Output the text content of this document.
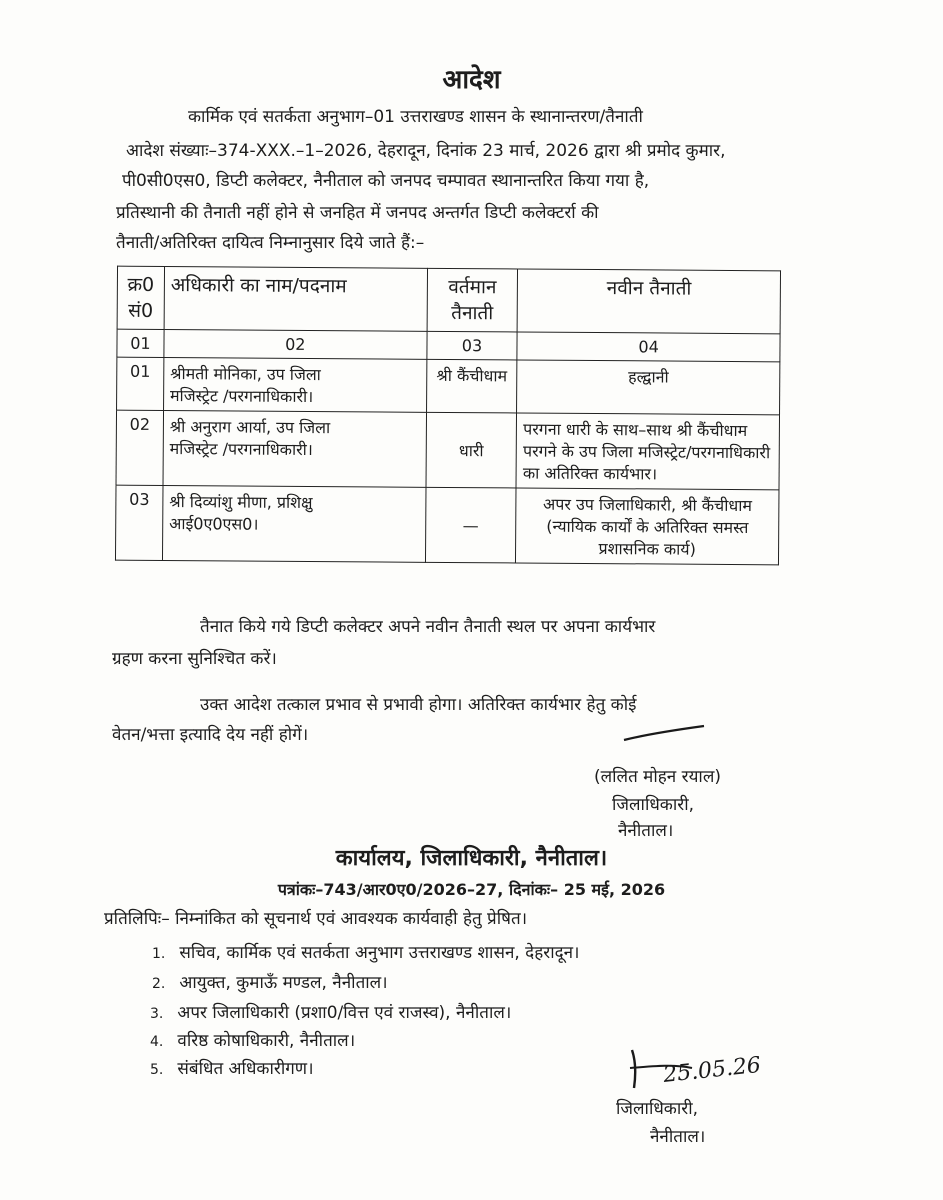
आदेश
कार्मिक एवं सतर्कता अनुभाग–01 उत्तराखण्ड शासन के स्थानान्तरण/तैनाती
आदेश संख्याः–374-XXX.–1–2026, देहरादून, दिनांक 23 मार्च, 2026 द्वारा श्री प्रमोद कुमार,
पी0सी0एस0, डिप्टी कलेक्टर, नैनीताल को जनपद चम्पावत स्थानान्तरित किया गया है,
प्रतिस्थानी की तैनाती नहीं होने से जनहित में जनपद अन्तर्गत डिप्टी कलेक्टर्रा की
तैनाती/अतिरिक्त दायित्व निम्नानुसार दिये जाते हैं:–
क्र0 सं0	अधिकारी का नाम/पदनाम	वर्तमान तैनाती	नवीन तैनाती
01	02	03	04
01	श्रीमती मोनिका, उप जिला
मजिस्ट्रेट /परगनाधिकारी।	श्री कैंचीधाम	हल्द्वानी
02	श्री अनुराग आर्या, उप जिला
मजिस्ट्रेट /परगनाधिकारी।	धारी	परगना धारी के साथ–साथ श्री कैंचीधाम परगने के उप जिला मजिस्ट्रेट/परगनाधिकारी का अतिरिक्त कार्यभार।
03	श्री दिव्यांशु मीणा, प्रशिक्षु
आई0ए0एस0।	—	अपर उप जिलाधिकारी, श्री कैंचीधाम (न्यायिक कार्यों के अतिरिक्त समस्त प्रशासनिक कार्य)
तैनात किये गये डिप्टी कलेक्टर अपने नवीन तैनाती स्थल पर अपना कार्यभार
ग्रहण करना सुनिश्चित करें।
उक्त आदेश तत्काल प्रभाव से प्रभावी होगा। अतिरिक्त कार्यभार हेतु कोई
वेतन/भत्ता इत्यादि देय नहीं होगें।
(ललित मोहन रयाल)
जिलाधिकारी,
नैनीताल।
कार्यालय, जिलाधिकारी, नैनीताल।
पत्रांकः–743/आर0ए0/2026–27, दिनांकः– 25 मई, 2026
प्रतिलिपिः– निम्नांकित को सूचनार्थ एवं आवश्यक कार्यवाही हेतु प्रेषित।
1. सचिव, कार्मिक एवं सतर्कता अनुभाग उत्तराखण्ड शासन, देहरादून।
2. आयुक्त, कुमाऊँ मण्डल, नैनीताल।
3. अपर जिलाधिकारी (प्रशा0/वित्त एवं राजस्व), नैनीताल।
4. वरिष्ठ कोषाधिकारी, नैनीताल।
5. संबंधित अधिकारीगण।	25.05.26
जिलाधिकारी,
नैनीताल।
